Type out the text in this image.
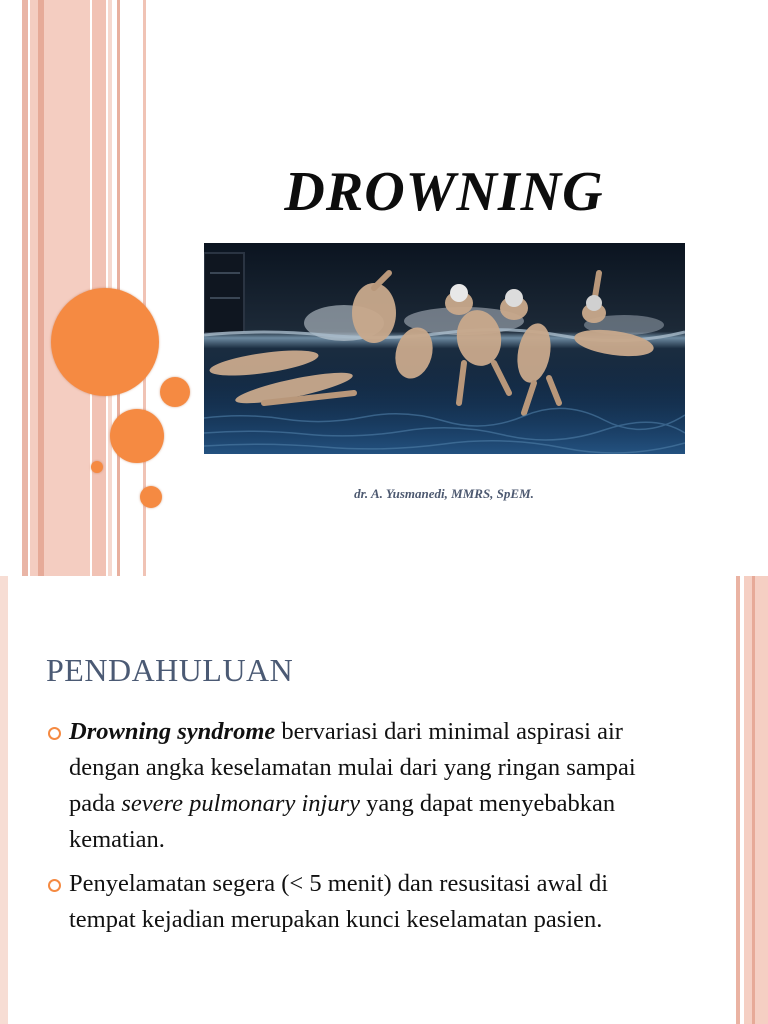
DROWNING
dr. A. Yusmanedi, MMRS, SpEM.
PENDAHULUAN
Drowning syndrome bervariasi dari minimal aspirasi air dengan angka keselamatan mulai dari yang ringan sampai pada severe pulmonary injury yang dapat menyebabkan kematian.
Penyelamatan segera (< 5 menit) dan resusitasi awal di tempat kejadian merupakan kunci keselamatan pasien.
